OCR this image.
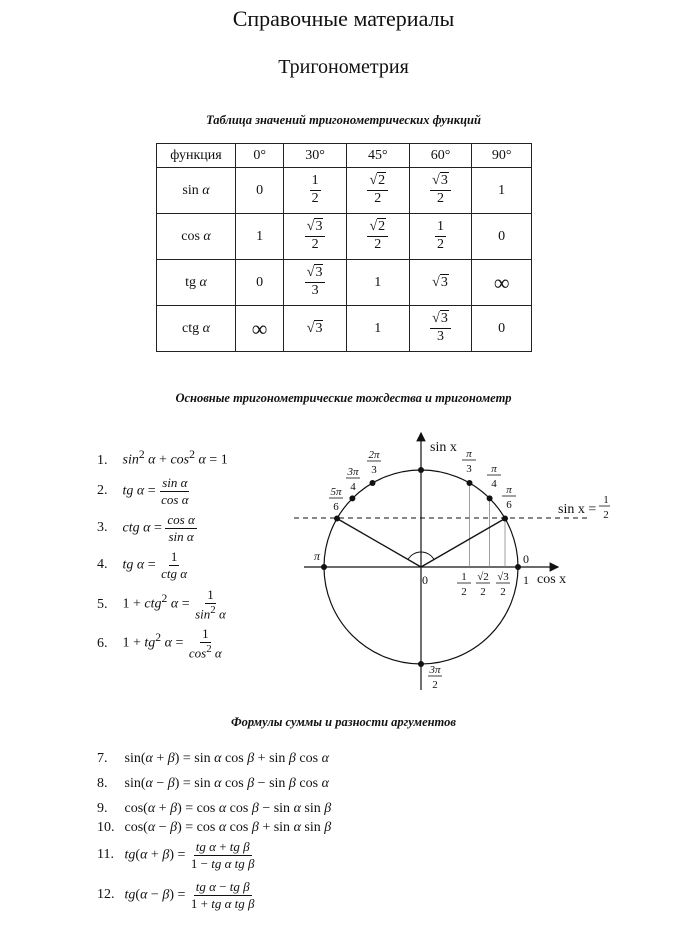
Справочные материалы
Тригонометрия
Таблица значений тригонометрических функций
функция	0°	30°	45°	60°	90°
sin α	0	$\frac{1}{2}$	$\frac{√2}{2}$	$\frac{√3}{2}$	1
cos α	1	$\frac{√3}{2}$	$\frac{√2}{2}$	$\frac{1}{2}$	0
tg α	0	$\frac{√3}{3}$	1	√3	∞
ctg α	∞	√3	1	$\frac{√3}{3}$	0
Основные тригонометрические тождества и тригонометр
1. $\sin^2 \alpha + \cos^2 \alpha = 1$
2. tg $\alpha = \frac{\text{sin α}}{\text{cos α}}$
3. ctg $\alpha = \frac{\text{cos α}}{\text{sin α}}$
4. tg $\alpha = \frac{1}{\text{ctg α}}$
5. 1 + ctg$^2$ $\alpha = \frac{1}{\sin^2 \alpha}$
6. $1 + tg^2$ $\alpha = \frac{1}{\cos^2 \alpha}$
sin x
cos x
sin x =
0
0
1
π
2π
3
3π
4
5π
6
π
3 π
4 π
6
3π
2
1
2
√2
2
√3
2
1
2
Формулы суммы и разности аргументов
7. sin(α + β) = sin α cos β + sin β cos α
8. sin(α − β) = sin α cos β − sin β cos α
9. cos(α + β) = cos α cos β − sin α sin β
10. cos(α − β) = cos α cos β + sin α sin β
11. $tg(\alpha + \beta) = \frac{\text{tg α + tg β}}{\text{1 − tg α tg β}}$
12. $tg(\alpha - \beta) = \frac{\text{tg α − tg β}}{\text{1 + tg α tg β}}$
